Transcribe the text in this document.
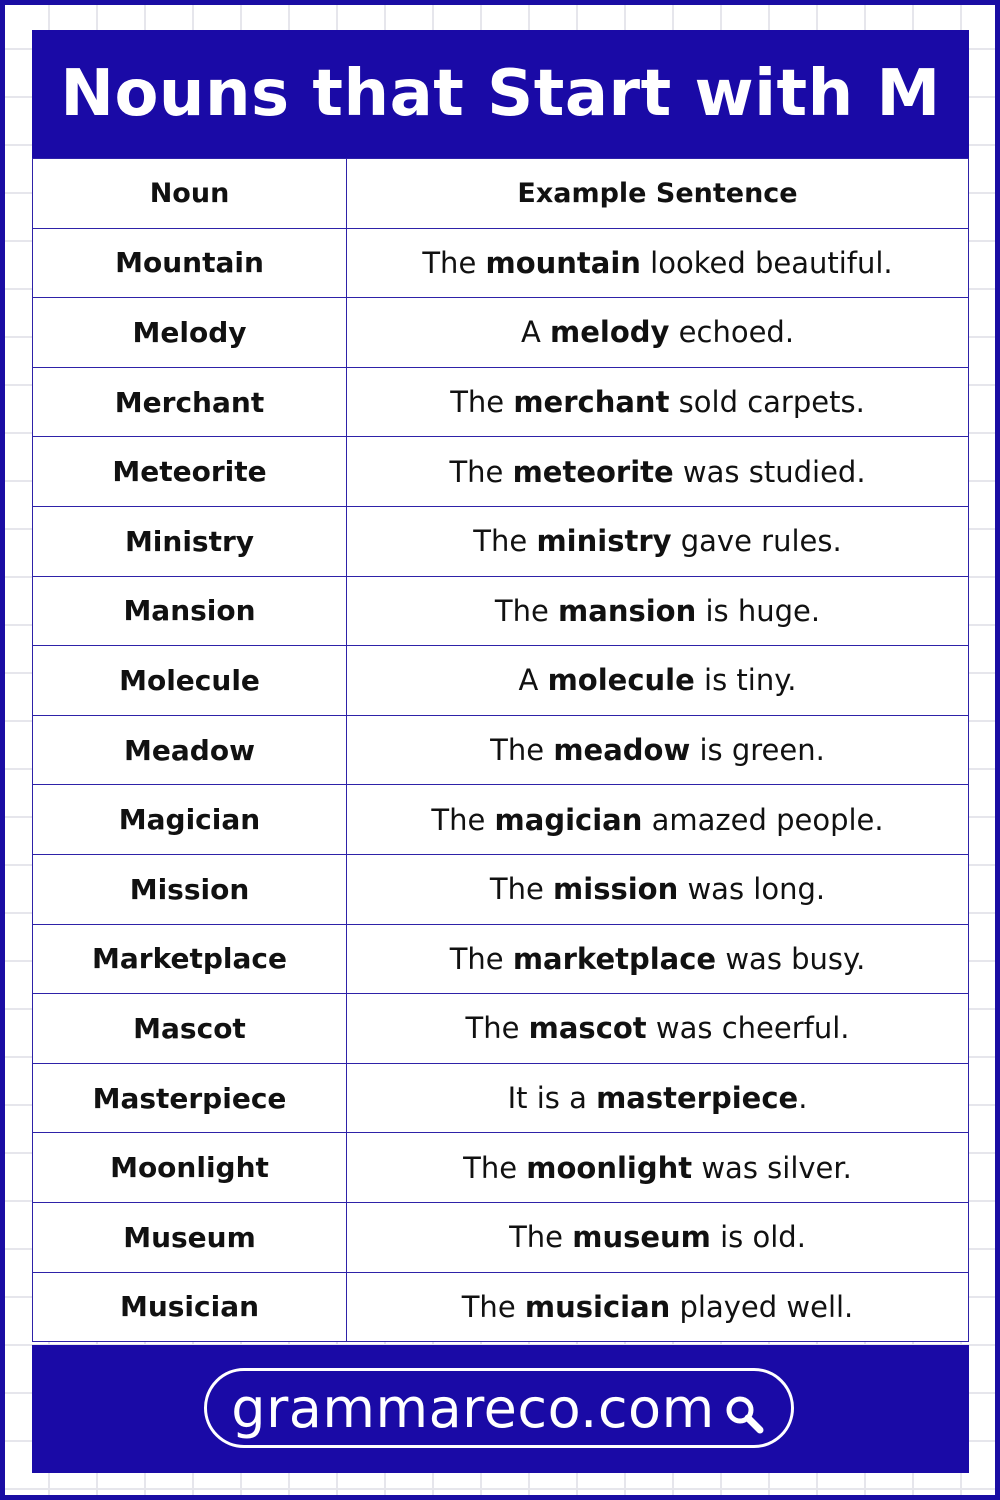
Nouns that Start with M
Noun	Example Sentence
Mountain	The mountain looked beautiful.
Melody	A melody echoed.
Merchant	The merchant sold carpets.
Meteorite	The meteorite was studied.
Ministry	The ministry gave rules.
Mansion	The mansion is huge.
Molecule	A molecule is tiny.
Meadow	The meadow is green.
Magician	The magician amazed people.
Mission	The mission was long.
Marketplace	The marketplace was busy.
Mascot	The mascot was cheerful.
Masterpiece	It is a masterpiece.
Moonlight	The moonlight was silver.
Museum	The museum is old.
Musician	The musician played well.
grammareco.com
